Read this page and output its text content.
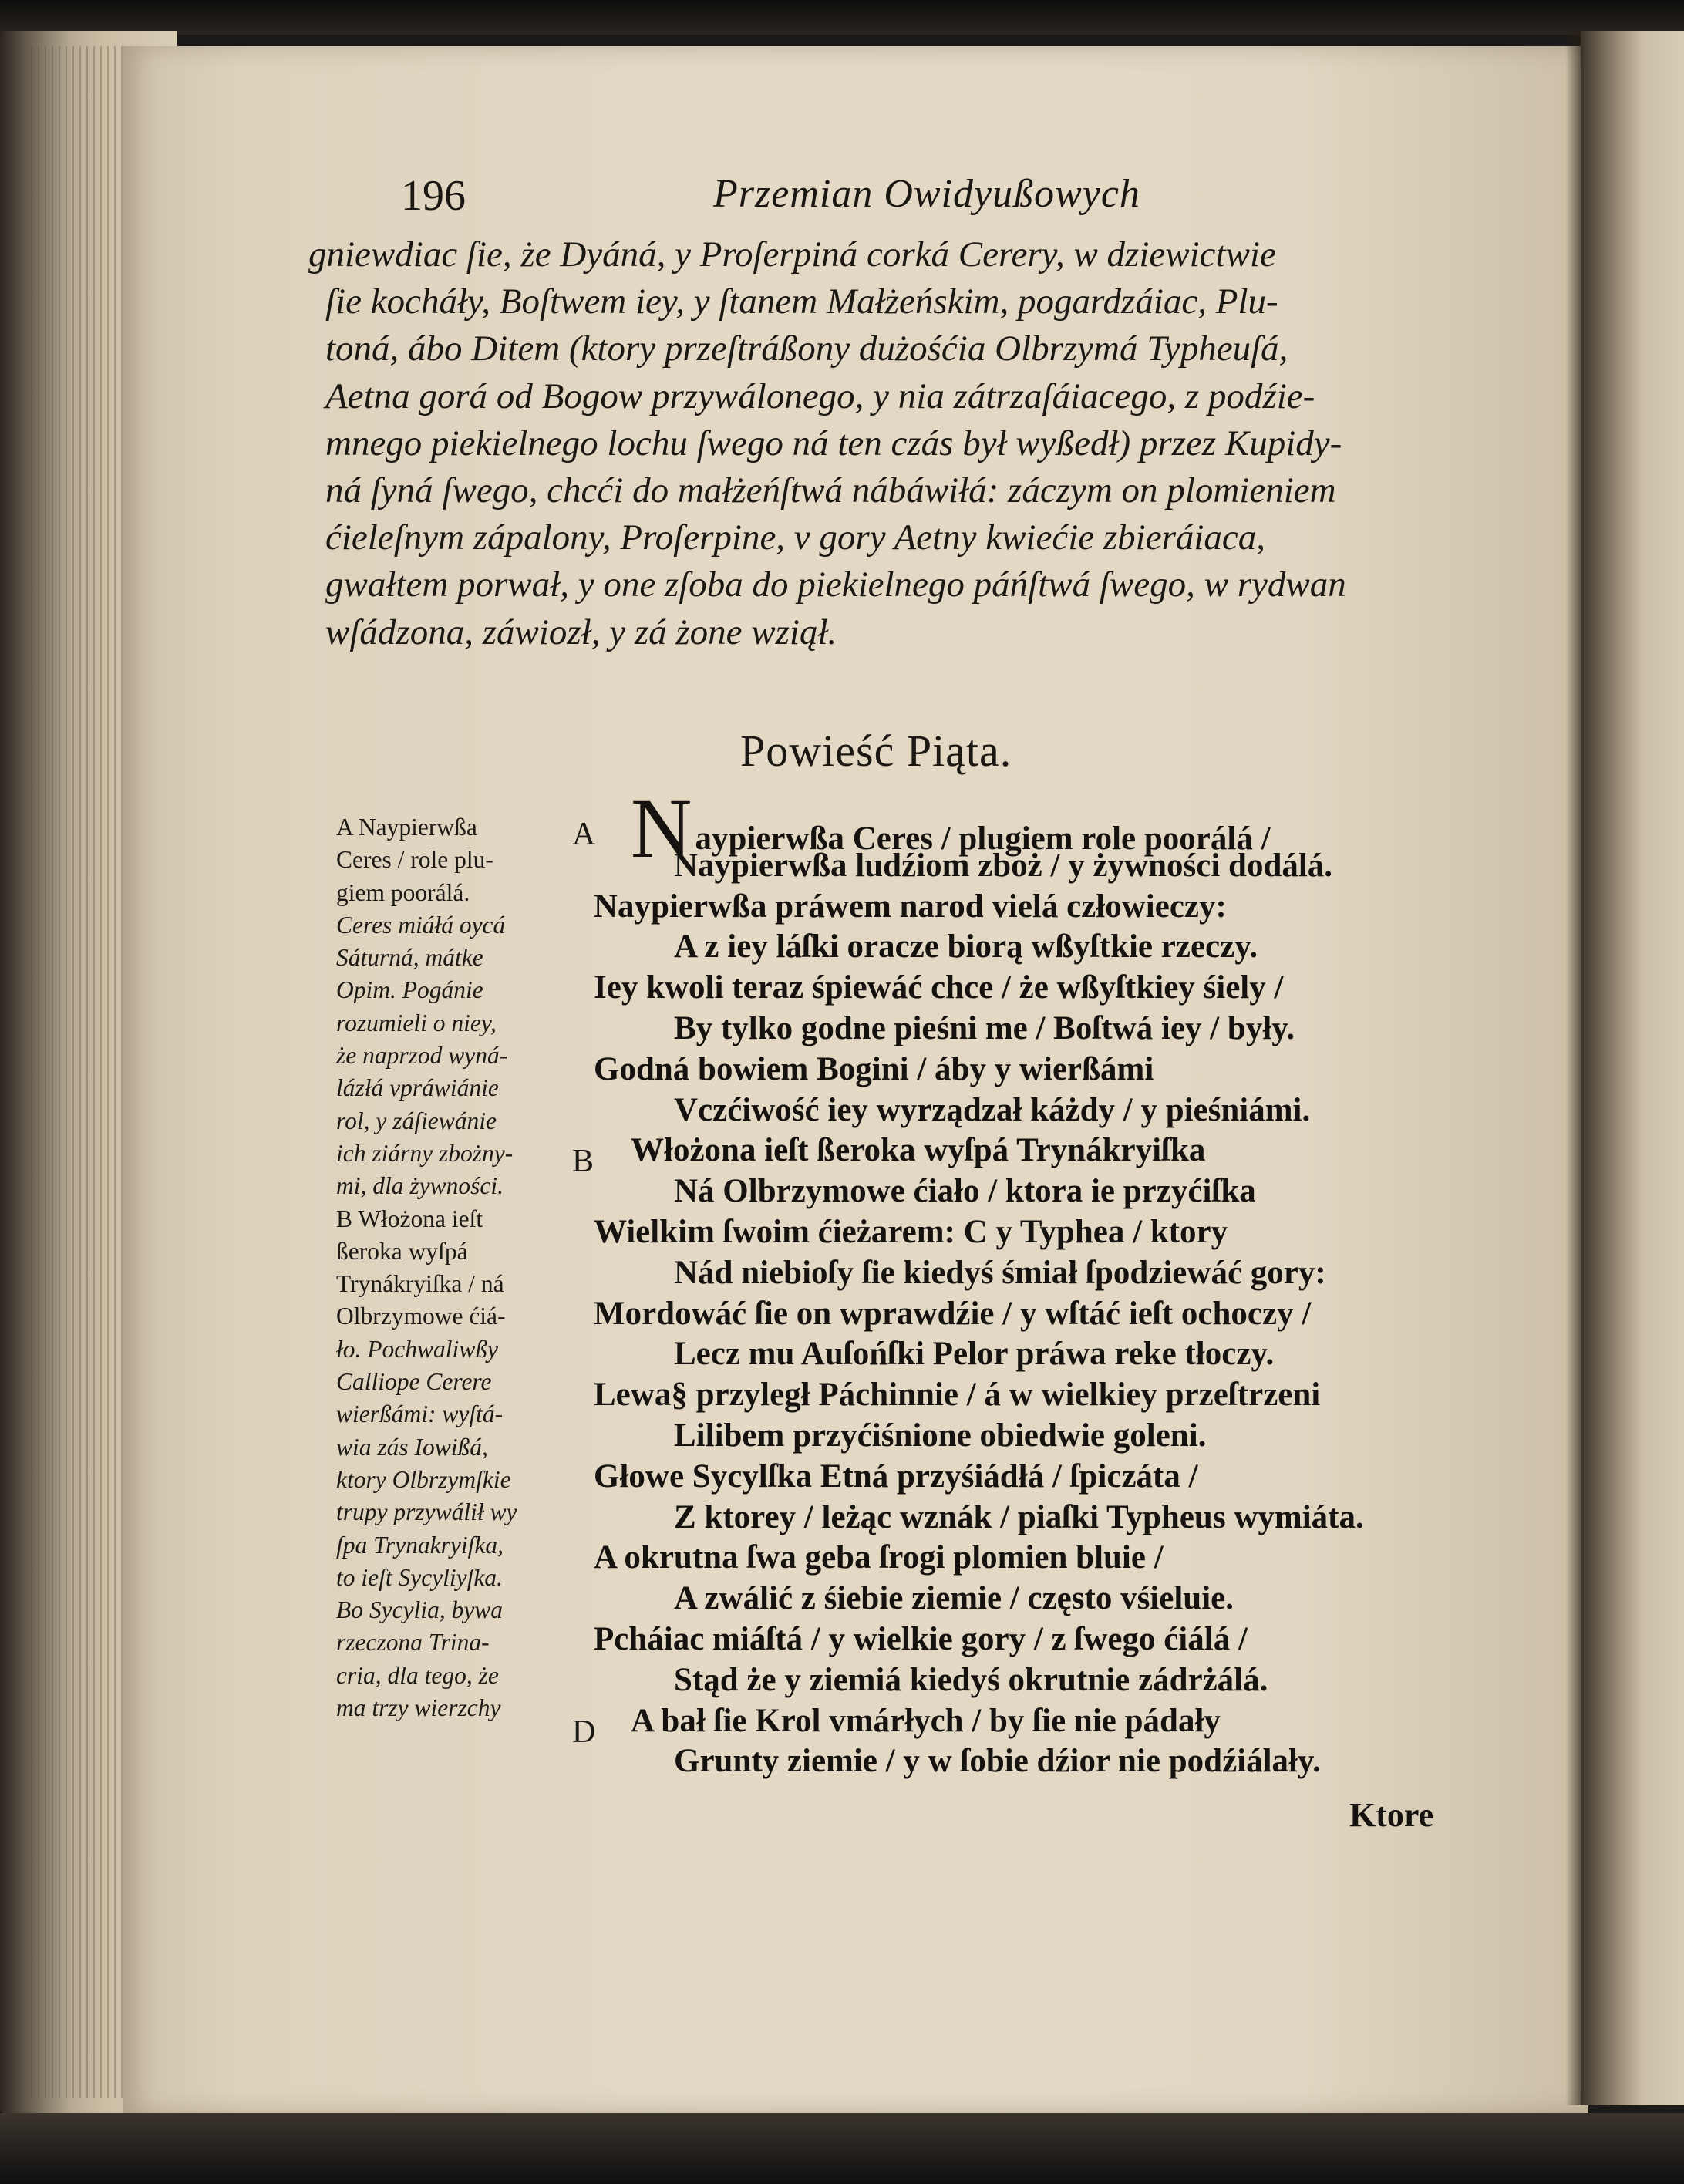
196	Przemian Owidyußowych
gniewdiac ſie, że Dyáná, y Proſerpiná corká Cerery, w dziewictwie
ſie kocháły, Boſtwem iey, y ſtanem Małżeńskim, pogardzáiac, Plu-
toná, ábo Ditem (ktory przeſtráßony dużośćia Olbrzymá Typheuſá,
Aetna gorá od Bogow przywálonego, y nia zátrzaſáiacego, z podźie-
mnego piekielnego lochu ſwego ná ten czás był wyßedł) przez Kupidy-
ná ſyná ſwego, chcći do małżeńſtwá nábáwiłá: záczym on plomieniem
ćieleſnym zápalony, Proſerpine, v gory Aetny kwiećie zbieráiaca,
gwałtem porwał, y one zſoba do piekielnego páńſtwá ſwego, w rydwan
wſádzona, záwiozł, y zá żone wziął.
Powieść Piąta.
A Naypierwßa
Ceres / role plu-
giem poorálá.
Ceres miáłá oycá
Sáturná, mátke
Opim. Pogánie
rozumieli o niey,
że naprzod wyná-
lázłá vpráwiánie
rol, y záſiewánie
ich ziárny zbożny-
mi, dla żywności.
B Włożona ieſt
ßeroka wyſpá
Trynákryiſka / ná
Olbrzymowe ćiá-
ło. Pochwaliwßy
Calliope Cerere
wierßámi: wyſtá-
wia zás Iowißá,
ktory Olbrzymſkie
trupy przywálił wy
ſpa Trynakryiſka,
to ieſt Sycyliyſka.
Bo Sycylia, bywa
rzeczona Trina-
cria, dla tego, że
ma trzy wierzchy
A
B
D
Naypierwßa Ceres / plugiem role poorálá /
Naypierwßa ludźiom zboż / y żywności dodálá.
Naypierwßa práwem narod vielá człowieczy:
A z iey láſki oracze biorą wßyſtkie rzeczy.
Iey kwoli teraz śpiewáć chce / że wßyſtkiey śiely /
By tylko godne pieśni me / Boſtwá iey / były.
Godná bowiem Bogini / áby y wierßámi
Vczćiwość iey wyrządzał káżdy / y pieśniámi.
Włożona ieſt ßeroka wyſpá Trynákryiſka
Ná Olbrzymowe ćiało / ktora ie przyćiſka
Wielkim ſwoim ćieżarem: C y Typhea / ktory
Nád niebioſy ſie kiedyś śmiał ſpodziewáć gory:
Mordowáć ſie on wprawdźie / y wſtáć ieſt ochoczy /
Lecz mu Auſońſki Pelor práwa reke tłoczy.
Lewa§ przyległ Páchinnie / á w wielkiey przeſtrzeni
Lilibem przyćiśnione obiedwie goleni.
Głowe Sycylſka Etná przyśiádłá / ſpiczáta /
Z ktorey / leżąc wznák / piaſki Typheus wymiáta.
A okrutna ſwa geba ſrogi plomien bluie /
A zwálić z śiebie ziemie / często vśieluie.
Pcháiac miáſtá / y wielkie gory / z ſwego ćiálá /
Stąd że y ziemiá kiedyś okrutnie zádrżálá.
A bał ſie Krol vmárłych / by ſie nie pádały
Grunty ziemie / y w ſobie dźior nie podźiálały.
Ktore
